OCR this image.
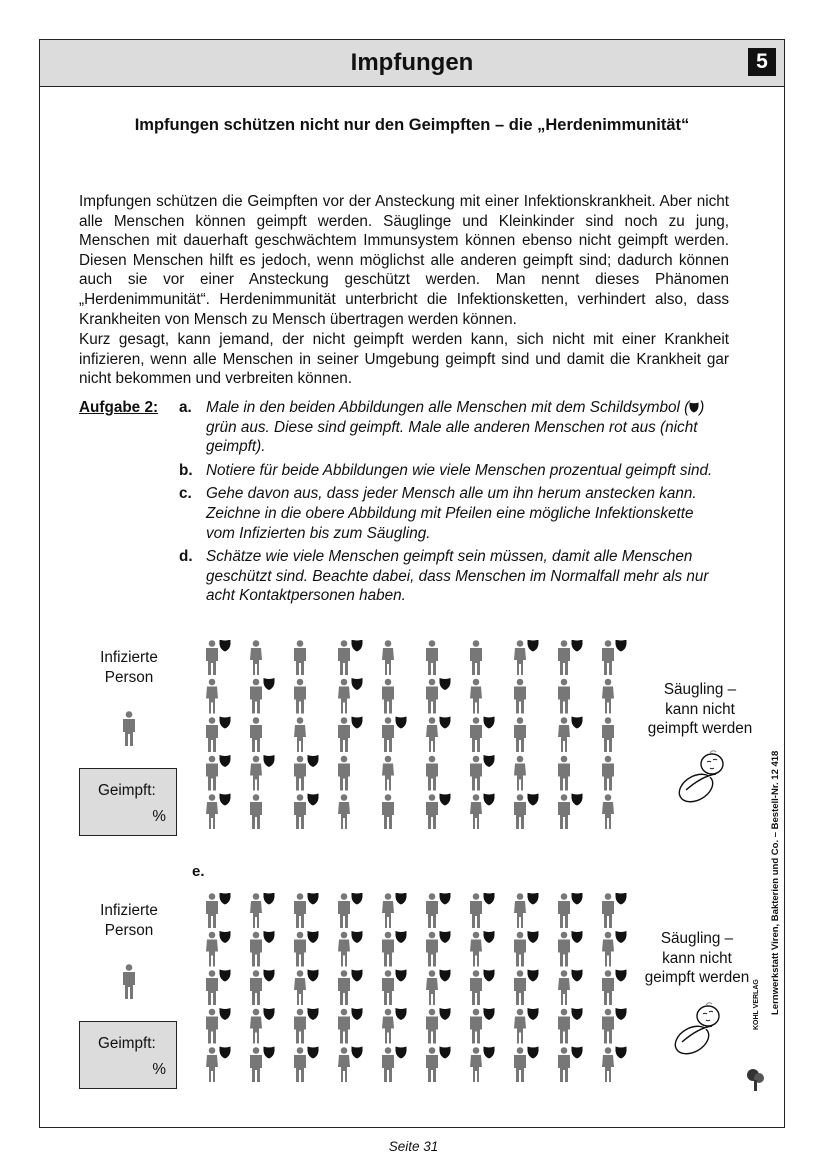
Impfungen	5
Impfungen schützen nicht nur den Geimpften – die „Herdenimmunität“

Impfungen schützen die Geimpften vor der Ansteckung mit einer Infektionskrankheit. Aber nicht alle Menschen können geimpft werden. Säuglinge und Kleinkinder sind noch zu jung, Menschen mit dauerhaft geschwächtem Immunsystem können ebenso nicht geimpft werden. Diesen Menschen hilft es jedoch, wenn möglichst alle anderen geimpft sind; dadurch können auch sie vor einer Ansteckung geschützt werden. Man nennt dieses Phänomen „Herdenimmunität“. Herdenimmunität unterbricht die Infektionsketten, verhindert also, dass Krankheiten von Mensch zu Mensch übertragen werden können.

Kurz gesagt, kann jemand, der nicht geimpft werden kann, sich nicht mit einer Krankheit infizieren, wenn alle Menschen in seiner Umgebung geimpft sind und damit die Krankheit gar nicht bekommen und verbreiten können.

Aufgabe 2: a. Male in den beiden Abbildungen alle Menschen mit dem Schildsymbol ( ) grün aus. Diese sind geimpft. Male alle anderen Menschen rot aus (nicht geimpft).
b. Notiere für beide Abbildungen wie viele Menschen prozentual geimpft sind.
c. Gehe davon aus, dass jeder Mensch alle um ihn herum anstecken kann. Zeichne in die obere Abbildung mit Pfeilen eine mögliche Infektionskette vom Infizierten bis zum Säugling.
d. Schätze wie viele Menschen geimpft sein müssen, damit alle Menschen geschützt sind. Beachte dabei, dass Menschen im Normalfall mehr als nur acht Kontaktpersonen haben.
Infizierte
Person
Geimpft:
%
Säugling –
kann nicht
geimpft werden
e.
Infizierte
Person
Geimpft:
%
Säugling –
kann nicht
geimpft werden	Lernwerkstatt Viren, Bakterien und Co. – Bestell-Nr. 12 418
KOHL VERLAG
Seite 31
